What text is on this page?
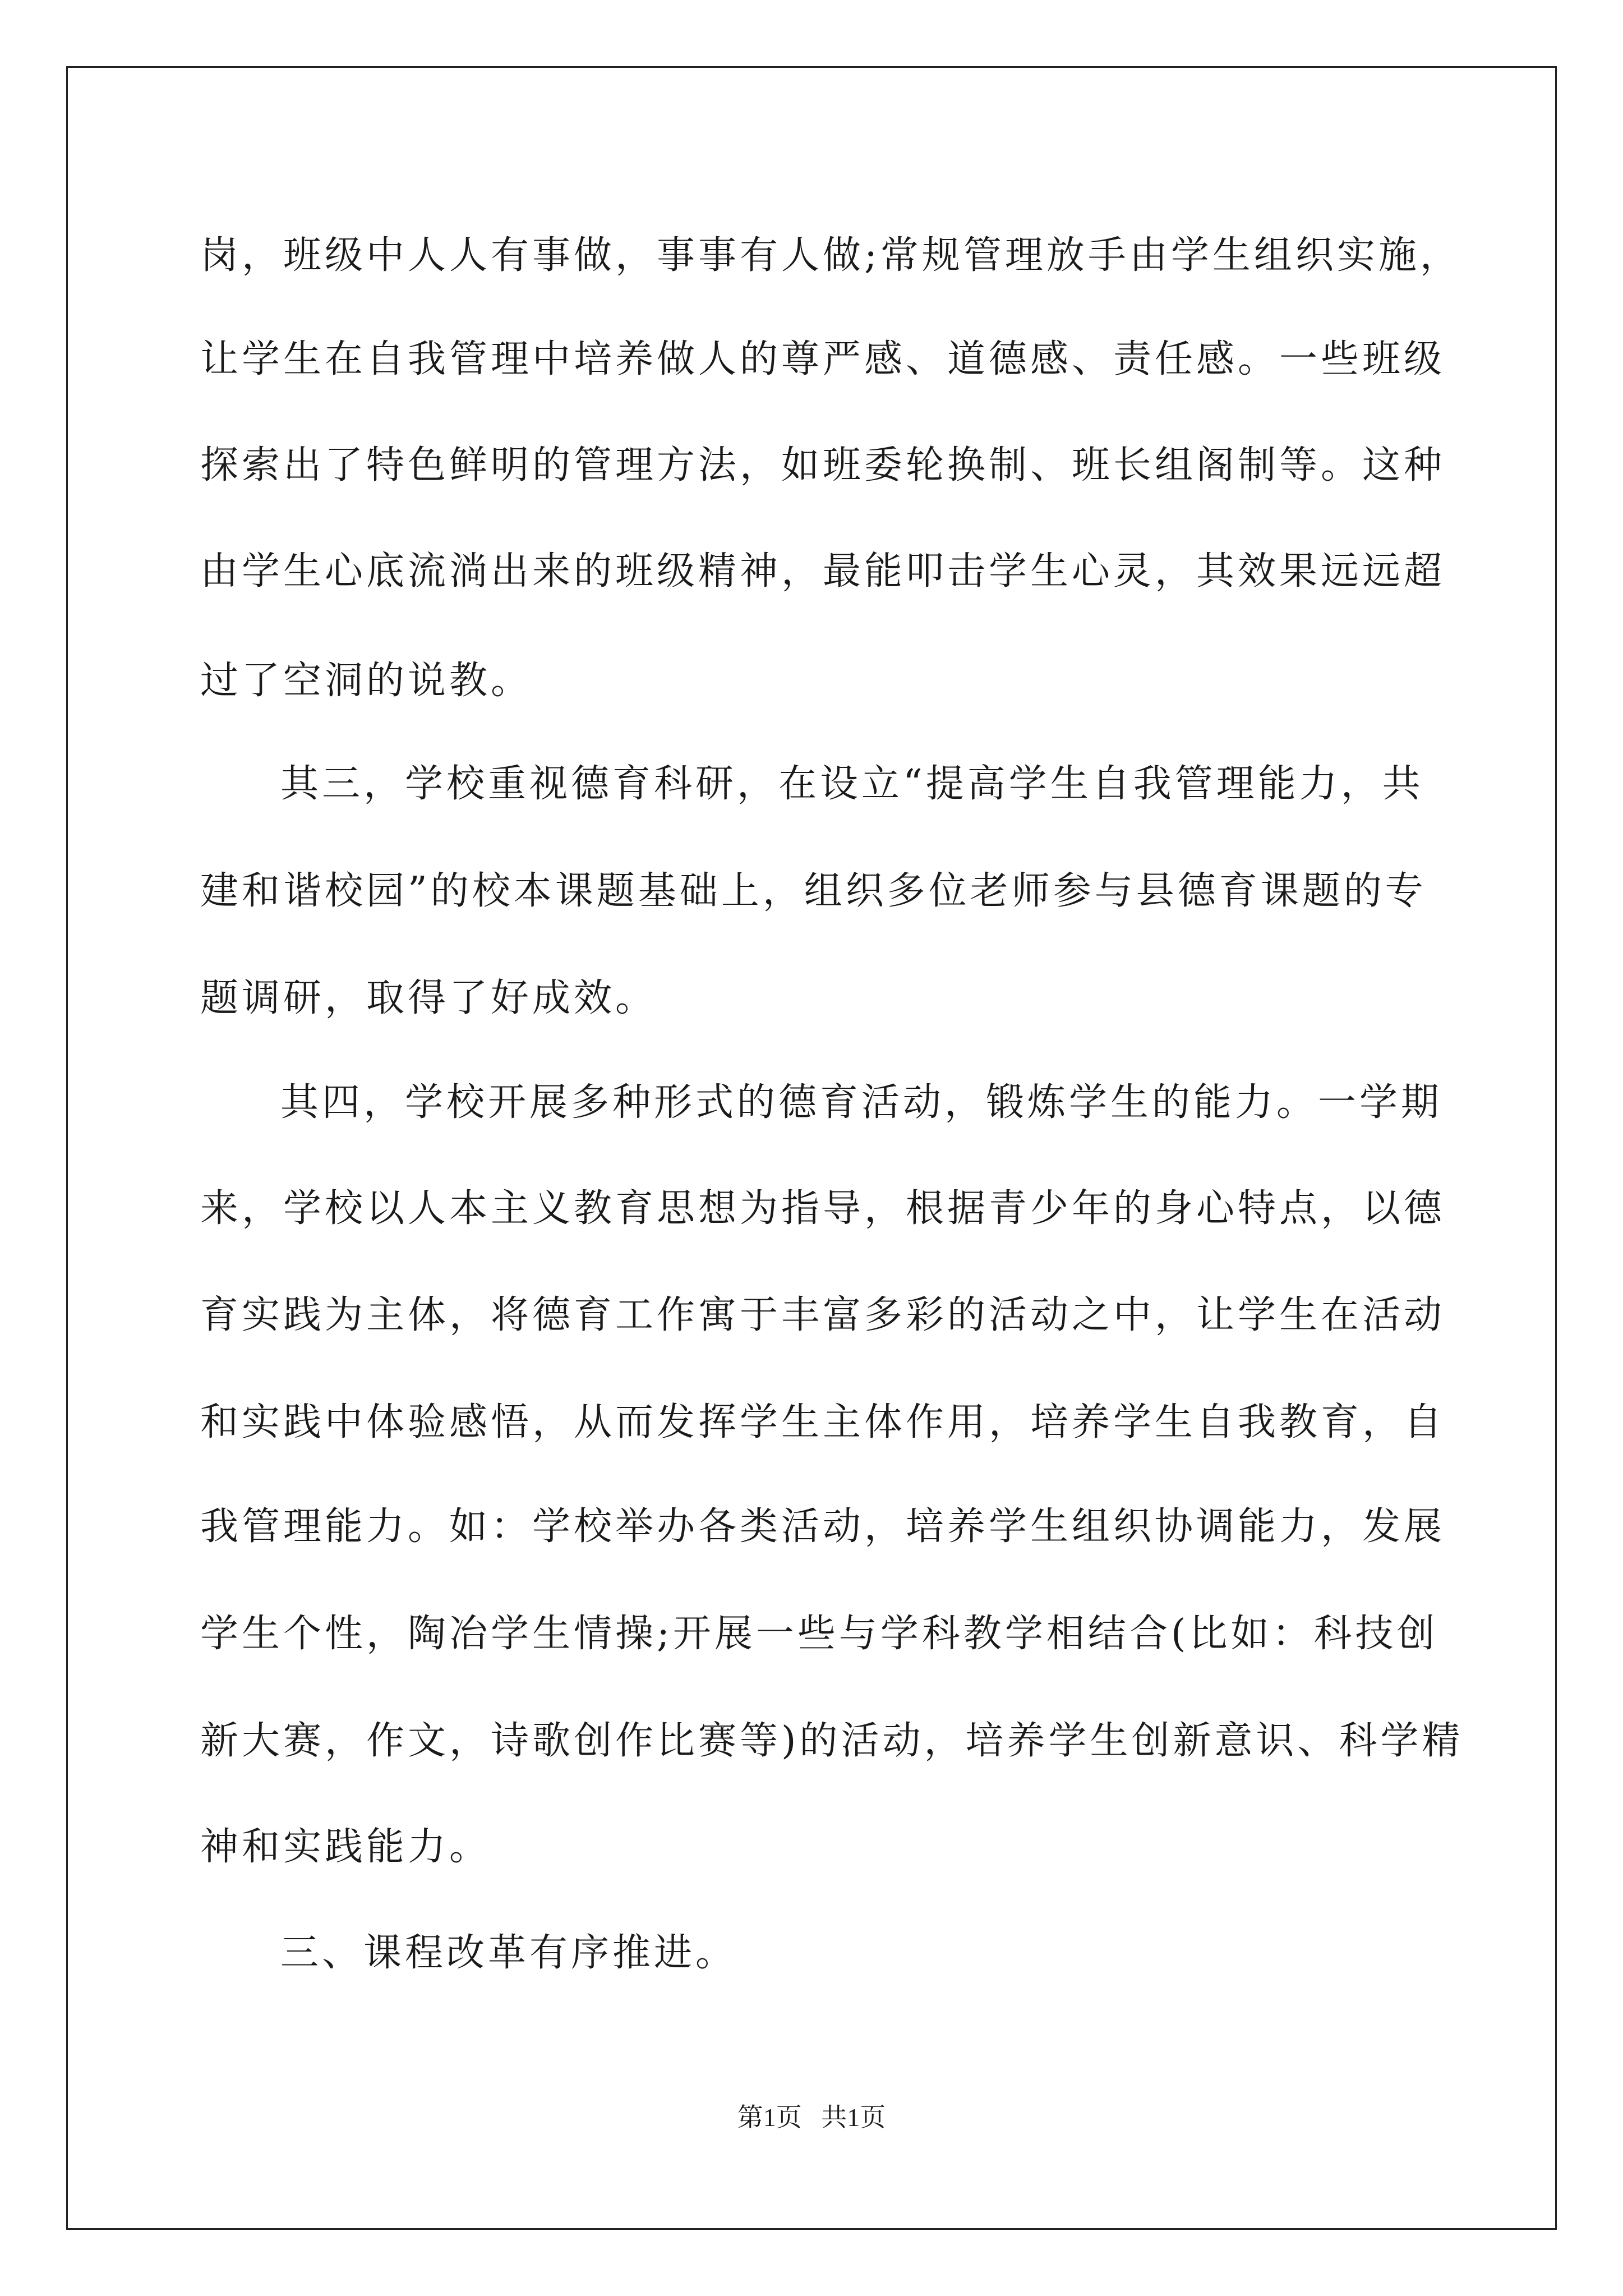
岗，班级中人人有事做，事事有人做;常规管理放手由学生组织实施，

让学生在自我管理中培养做人的尊严感、道德感、责任感。一些班级

探索出了特色鲜明的管理方法，如班委轮换制、班长组阁制等。这种

由学生心底流淌出来的班级精神，最能叩击学生心灵，其效果远远超

过了空洞的说教。

其三，学校重视德育科研，在设立“提高学生自我管理能力，共

建和谐校园”的校本课题基础上，组织多位老师参与县德育课题的专

题调研，取得了好成效。

其四，学校开展多种形式的德育活动，锻炼学生的能力。一学期

来，学校以人本主义教育思想为指导，根据青少年的身心特点，以德

育实践为主体，将德育工作寓于丰富多彩的活动之中，让学生在活动

和实践中体验感悟，从而发挥学生主体作用，培养学生自我教育，自

我管理能力。如：学校举办各类活动，培养学生组织协调能力，发展

学生个性，陶冶学生情操;开展一些与学科教学相结合(比如：科技创

新大赛，作文，诗歌创作比赛等)的活动，培养学生创新意识、科学精

神和实践能力。

三、课程改革有序推进。

第1页   共1页
